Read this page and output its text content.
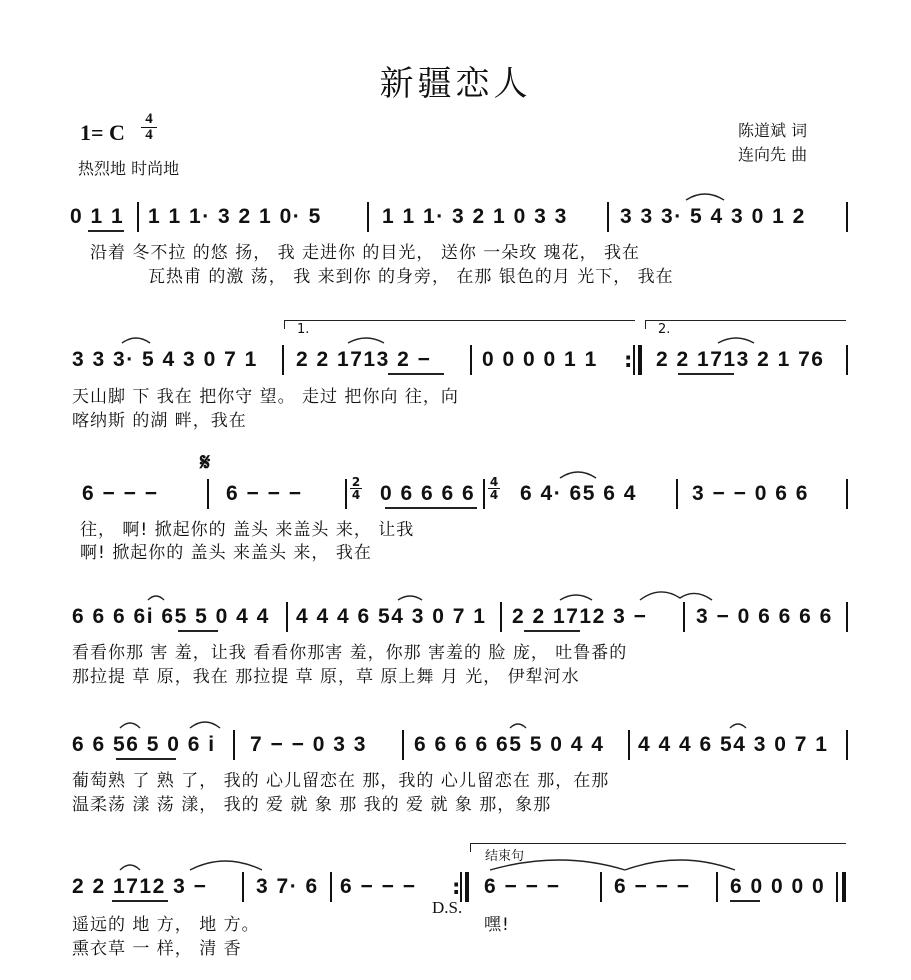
新疆恋人
1= C
4
4
热烈地 时尚地
陈道斌 词
连向先 曲
0 1 1 1 1 1· 3 2 1 0· 5	1 1 1· 3 2 1 0 3 3 3 3 3· 5 4 3 0 1 2
沿着 冬不拉 的悠 扬， 我 走进你 的目光， 送你 一朵玫 瑰花， 我在
瓦热甫 的激 荡， 我 来到你 的身旁， 在那 银色的月 光下， 我在
1.	2.
3 3 3· 5 4 3 0 7 1 2 2 1713 2 − 0 0 0 0 1 1 : 2 2 1713 2 1 76
天山脚 下 我在 把你守 望。 走过 把你向 往，向
喀纳斯 的湖 畔，我在
𝄋
6 − − −	6 − − −	2
4 0 6 6 6 6 4
4 6 4· 65 6 4	3 − − 0 6 6
往， 啊! 掀起你的 盖头 来盖头 来， 让我
啊! 掀起你的 盖头 来盖头 来， 我在
6 6 6 6i 65 5 0 4 4 4 4 4 6 54 3 0 7 1 2 2 1712 3 − 3 − 0 6 6 6 6
看看你那 害 羞，让我 看看你那害 羞，你那 害羞的 脸 庞， 吐鲁番的
那拉提 草 原，我在 那拉提 草 原，草 原上舞 月 光， 伊犁河水
6 6 56 5 0 6 i 7 − − 0 3 3 6 6 6 6 65 5 0 4 4 4 4 4 6 54 3 0 7 1
葡萄熟 了 熟 了， 我的 心儿留恋在 那，我的 心儿留恋在 那，在那
温柔荡 漾 荡 漾， 我的 爱 就 象 那 我的 爱 就 象 那，象那
结束句
2 2 1712 3 − 3 7· 6 6 − − − : 6 − − −	6 − − − 6 0 0 0 0
D.S.
嘿!
遥远的 地 方， 地 方。
熏衣草 一 样， 清 香
